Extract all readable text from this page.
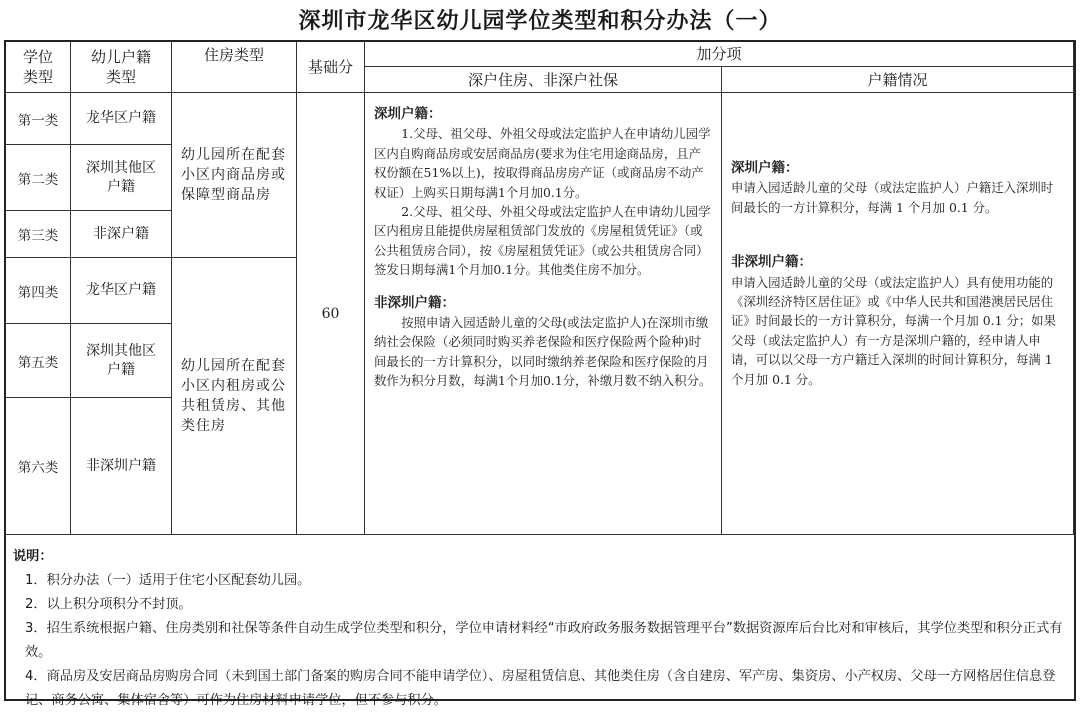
深圳市龙华区幼儿园学位类型和积分办法（一）
学位
类型
幼儿户籍
类型
住房类型
基础分
加分项
深户住房、非深户社保	户籍情况
第一类
第二类
第三类
第四类
第五类
第六类
龙华区户籍
深圳其他区
户籍
非深户籍
龙华区户籍
深圳其他区
户籍
非深圳户籍
幼儿园所在配套小区内商品房或保障型商品房
幼儿园所在配套小区内租房或公共租赁房、其他类住房
60

深圳户籍：

1.父母、祖父母、外祖父母或法定监护人在申请幼儿园学区内自购商品房或安居商品房(要求为住宅用途商品房，且产权份额在51%以上)，按取得商品房房产证（或商品房不动产权证）上购买日期每满1个月加0.1分。

2.父母、祖父母、外祖父母或法定监护人在申请幼儿园学区内租房且能提供房屋租赁部门发放的《房屋租赁凭证》（或公共租赁房合同），按《房屋租赁凭证》（或公共租赁房合同）签发日期每满1个月加0.1分。其他类住房不加分。

非深圳户籍：

按照申请入园适龄儿童的父母(或法定监护人)在深圳市缴纳社会保险（必须同时购买养老保险和医疗保险两个险种)时间最长的一方计算积分，以同时缴纳养老保险和医疗保险的月数作为积分月数，每满1个月加0.1分，补缴月数不纳入积分。

深圳户籍：

申请入园适龄儿童的父母（或法定监护人）户籍迁入深圳时间最长的一方计算积分，每满 1 个月加 0.1 分。

非深圳户籍：

申请入园适龄儿童的父母（或法定监护人）具有使用功能的《深圳经济特区居住证》或《中华人民共和国港澳居民居住证》时间最长的一方计算积分，每满一个月加 0.1 分；如果父母（或法定监护人）有一方是深圳户籍的，经申请人申请，可以以父母一方户籍迁入深圳的时间计算积分，每满 1 个月加 0.1 分。

说明：

1．积分办法（一）适用于住宅小区配套幼儿园。

2．以上积分项积分不封顶。

3．招生系统根据户籍、住房类别和社保等条件自动生成学位类型和积分，学位申请材料经“市政府政务服务数据管理平台”数据资源库后台比对和审核后，其学位类型和积分正式有效。

4．商品房及安居商品房购房合同（未到国土部门备案的购房合同不能申请学位）、房屋租赁信息、其他类住房（含自建房、军产房、集资房、小产权房、父母一方网格居住信息登记、商务公寓、集体宿舍等）可作为住房材料申请学位，但不参与积分。
